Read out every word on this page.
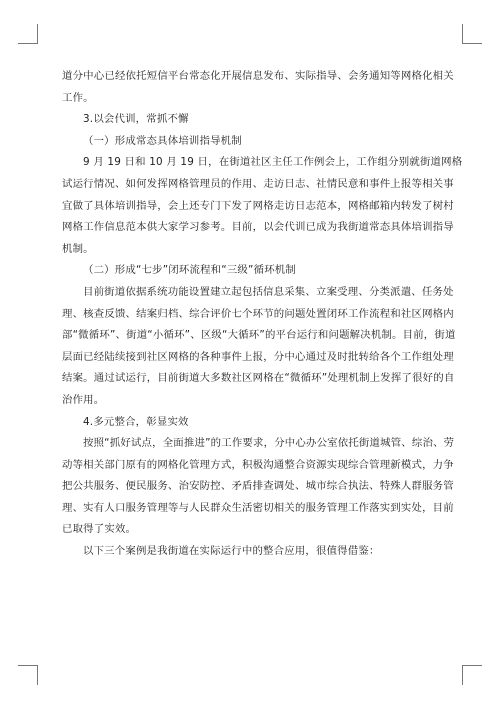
道分中心已经依托短信平台常态化开展信息发布、实际指导、会务通知等网格化相关
工作。
3.以会代训，常抓不懈
（一）形成常态具体培训指导机制
9 月 19 日和 10 月 19 日，在街道社区主任工作例会上，工作组分别就街道网格
试运行情况、如何发挥网格管理员的作用、走访日志、社情民意和事件上报等相关事
宜做了具体培训指导，会上还专门下发了网格走访日志范本，网格邮箱内转发了树村
网格工作信息范本供大家学习参考。目前，以会代训已成为我街道常态具体培训指导
机制。
（二）形成“七步”闭环流程和“三级”循环机制
目前街道依据系统功能设置建立起包括信息采集、立案受理、分类派遣、任务处
理、核查反馈、结案归档、综合评价七个环节的问题处置闭环工作流程和社区网格内
部“微循环”、街道“小循环”、区级“大循环”的平台运行和问题解决机制。目前，街道
层面已经陆续接到社区网格的各种事件上报，分中心通过及时批转给各个工作组处理
结案。通过试运行，目前街道大多数社区网格在“微循环”处理机制上发挥了很好的自
治作用。
4.多元整合，彰显实效
按照“抓好试点，全面推进”的工作要求，分中心办公室依托街道城管、综治、劳
动等相关部门原有的网格化管理方式，积极沟通整合资源实现综合管理新模式，力争
把公共服务、便民服务、治安防控、矛盾排查调处、城市综合执法、特殊人群服务管
理、实有人口服务管理等与人民群众生活密切相关的服务管理工作落实到实处，目前
已取得了实效。
以下三个案例是我街道在实际运行中的整合应用，很值得借鉴：
